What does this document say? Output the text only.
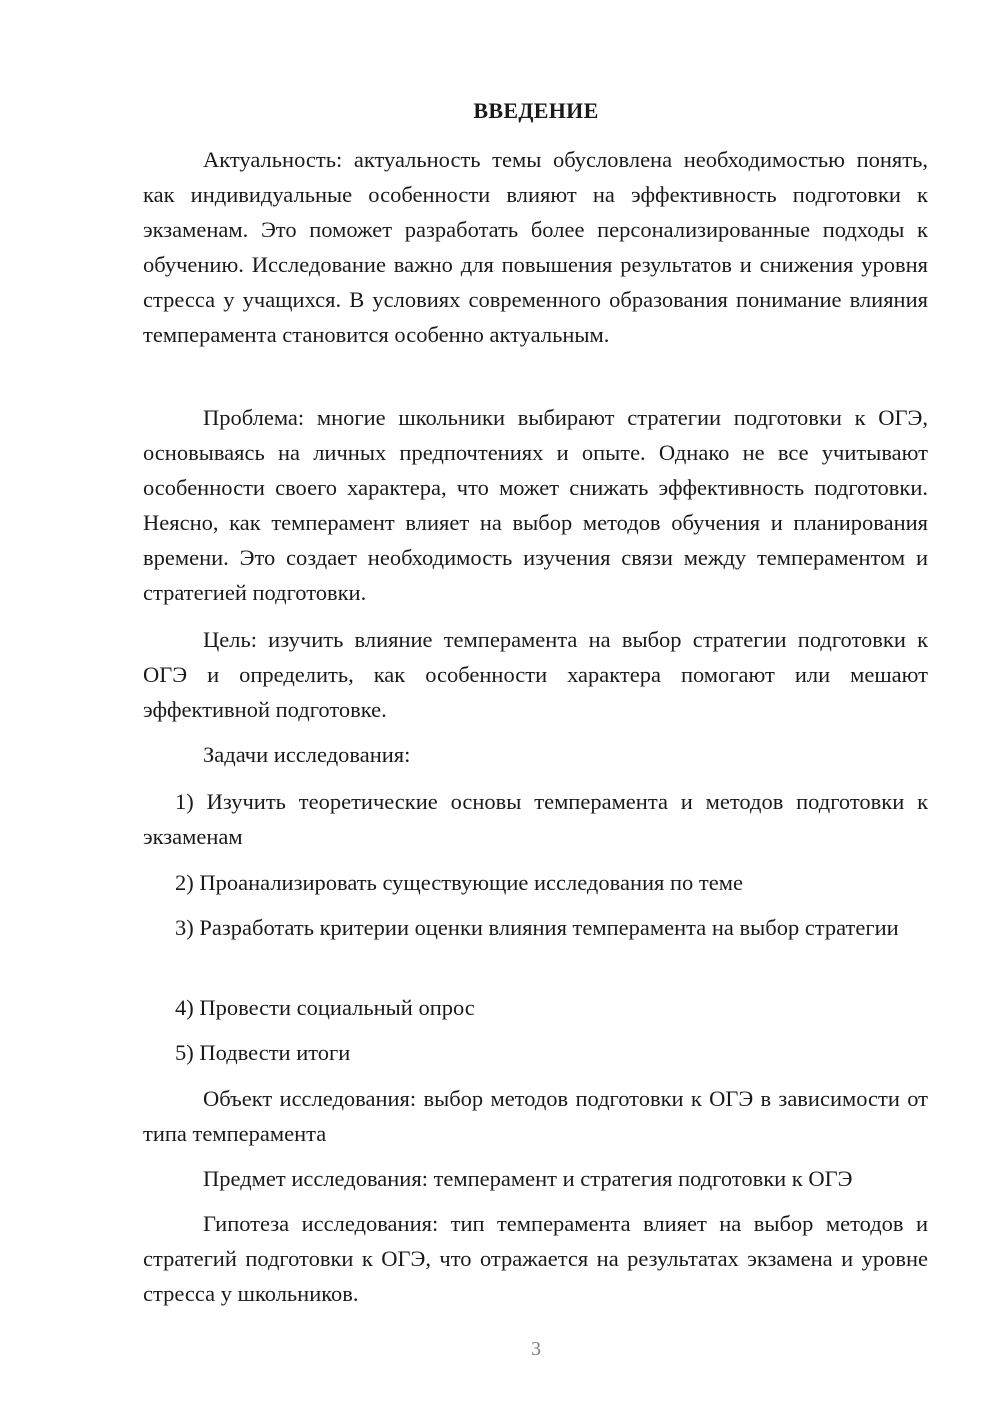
ВВЕДЕНИЕ
Актуальность: актуальность темы обусловлена необходимостью понять, как индивидуальные особенности влияют на эффективность подготовки к экзаменам. Это поможет разработать более персонализированные подходы к обучению. Исследование важно для повышения результатов и снижения уровня стресса у учащихся. В условиях современного образования понимание влияния темперамента становится особенно актуальным.
Проблема: многие школьники выбирают стратегии подготовки к ОГЭ, основываясь на личных предпочтениях и опыте. Однако не все учитывают особенности своего характера, что может снижать эффективность подготовки. Неясно, как темперамент влияет на выбор методов обучения и планирования времени. Это создает необходимость изучения связи между темпераментом и стратегией подготовки.
Цель: изучить влияние темперамента на выбор стратегии подготовки к ОГЭ и определить, как особенности характера помогают или мешают эффективной подготовке.
Задачи исследования:
1) Изучить теоретические основы темперамента и методов подготовки к экзаменам
2) Проанализировать существующие исследования по теме
3) Разработать критерии оценки влияния темперамента на выбор стратегии
4) Провести социальный опрос
5) Подвести итоги
Объект исследования: выбор методов подготовки к ОГЭ в зависимости от типа темперамента
Предмет исследования: темперамент и стратегия подготовки к ОГЭ
Гипотеза исследования: тип темперамента влияет на выбор методов и стратегий подготовки к ОГЭ, что отражается на результатах экзамена и уровне стресса у школьников.
3
